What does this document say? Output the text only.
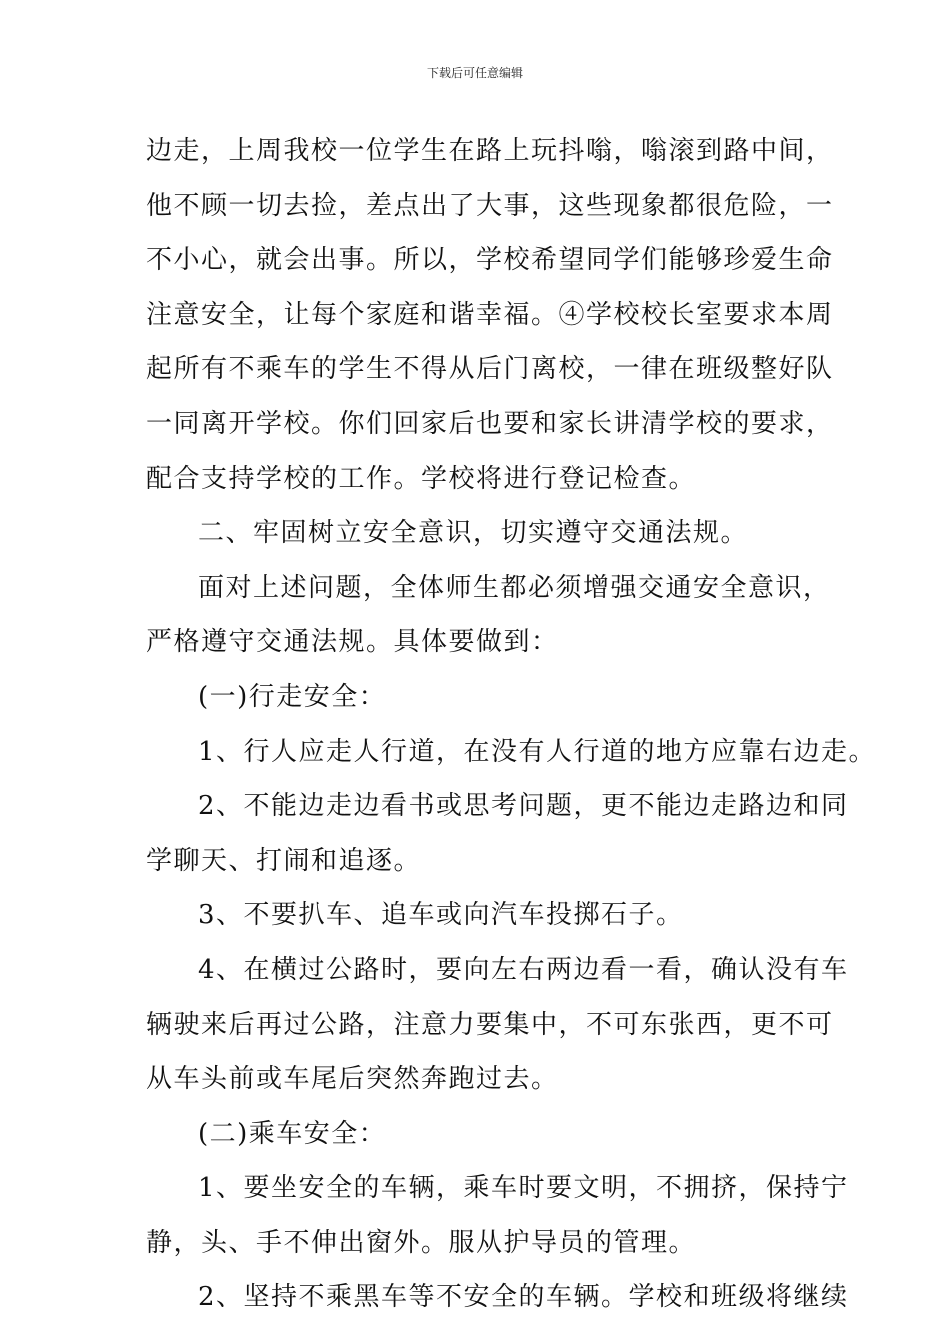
下载后可任意编辑
边走，上周我校一位学生在路上玩抖嗡，嗡滚到路中间，
他不顾一切去捡，差点出了大事，这些现象都很危险，一
不小心，就会出事。所以，学校希望同学们能够珍爱生命
注意安全，让每个家庭和谐幸福。④学校校长室要求本周
起所有不乘车的学生不得从后门离校，一律在班级整好队
一同离开学校。你们回家后也要和家长讲清学校的要求，
配合支持学校的工作。学校将进行登记检查。
二、牢固树立安全意识，切实遵守交通法规。
面对上述问题，全体师生都必须增强交通安全意识，
严格遵守交通法规。具体要做到：
(一)行走安全：
1、行人应走人行道，在没有人行道的地方应靠右边走。
2、不能边走边看书或思考问题，更不能边走路边和同
学聊天、打闹和追逐。
3、不要扒车、追车或向汽车投掷石子。
4、在横过公路时，要向左右两边看一看，确认没有车
辆驶来后再过公路，注意力要集中，不可东张西，更不可
从车头前或车尾后突然奔跑过去。
(二)乘车安全：
1、要坐安全的车辆，乘车时要文明，不拥挤，保持宁
静，头、手不伸出窗外。服从护导员的管理。
2、坚持不乘黑车等不安全的车辆。学校和班级将继续
